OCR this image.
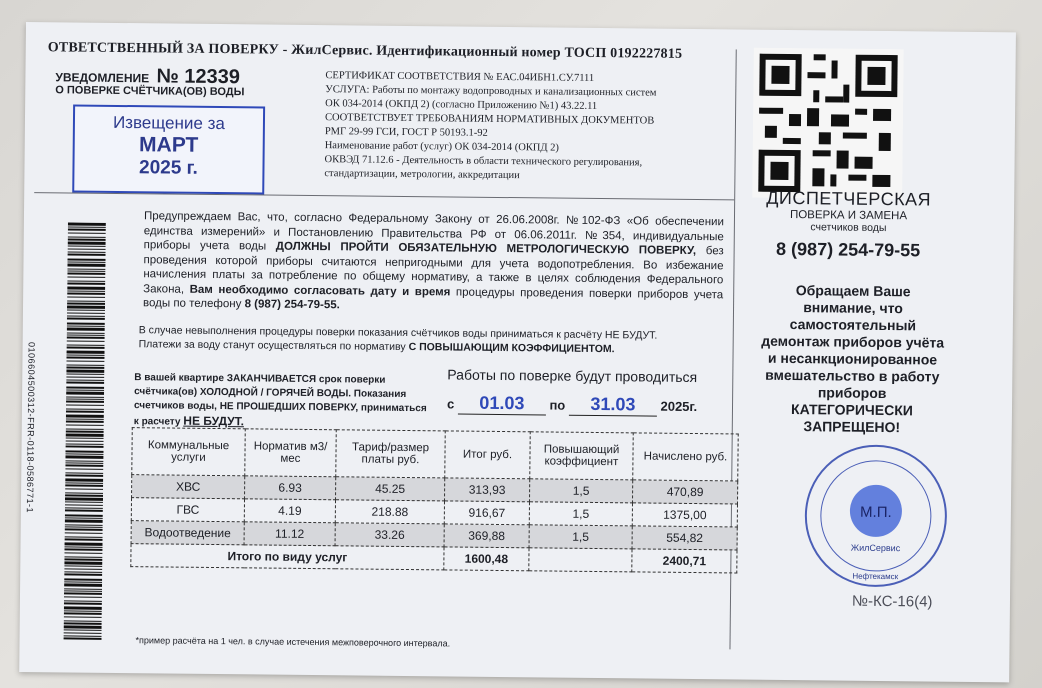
ОТВЕТСТВЕННЫЙ ЗА ПОВЕРКУ - ЖилСервис. Идентификационный номер ТОСП 0192227815
УВЕДОМЛЕНИЕ № 12339
О ПОВЕРКЕ СЧЁТЧИКА(ОВ) ВОДЫ
Извещение за
МАРТ
2025 г.
СЕРТИФИКАТ СООТВЕТСТВИЯ № ЕАС.04ИБН1.СУ.7111
УСЛУГА: Работы по монтажу водопроводных и канализационных систем
ОК 034-2014 (ОКПД 2) (согласно Приложению №1) 43.22.11
СООТВЕТСТВУЕТ ТРЕБОВАНИЯМ НОРМАТИВНЫХ ДОКУМЕНТОВ
РМГ 29-99 ГСИ, ГОСТ Р 50193.1-92
Наименование работ (услуг) ОК 034-2014 (ОКПД 2)
ОКВЭД 71.12.6 - Деятельность в области технического регулирования,
стандартизации, метрологии, аккредитации
ДИСПЕТЧЕРСКАЯ
ПОВЕРКА И ЗАМЕНА
счетчиков воды
8 (987) 254-79-55
Обращаем Ваше внимание, что самостоятельный демонтаж приборов учёта и несанкционированное вмешательство в работу приборов КАТЕГОРИЧЕСКИ ЗАПРЕЩЕНО!
М.П.
ЖилСервис
Нефтекамск
№-КС-16(4)
0106604500312-FRR-0118-0586771-1
Предупреждаем Вас, что, согласно Федеральному Закону от 26.06.2008г. №102-ФЗ «Об обеспечении единства измерений» и Постановлению Правительства РФ от 06.06.2011г. №354, индивидуальные приборы учета воды ДОЛЖНЫ ПРОЙТИ ОБЯЗАТЕЛЬНУЮ МЕТРОЛОГИЧЕСКУЮ ПОВЕРКУ, без проведения которой приборы считаются непригодными для учета водопотребления. Во избежание начисления платы за потребление по общему нормативу, а также в целях соблюдения Федерального Закона, Вам необходимо согласовать дату и время процедуры проведения поверки приборов учета воды по телефону 8 (987) 254-79-55.
В случае невыполнения процедуры поверки показания счётчиков воды приниматься к расчёту НЕ БУДУТ.
Платежи за воду станут осуществляться по нормативу С ПОВЫШАЮЩИМ КОЭФФИЦИЕНТОМ.
В вашей квартире ЗАКАНЧИВАЕТСЯ срок поверки счётчика(ов) ХОЛОДНОЙ / ГОРЯЧЕЙ ВОДЫ. Показания счетчиков воды, НЕ ПРОШЕДШИХ ПОВЕРКУ, приниматься к расчету НЕ БУДУТ.
Работы по поверке будут проводиться
с 01.03 по 31.03 2025г.
Коммунальные услуги	Норматив м3/мес	Тариф/размер платы руб.	Итог руб.	Повышающий коэффициент	Начислено руб.
ХВС	6.93	45.25	313,93	1,5	470,89
ГВС	4.19	218.88	916,67	1,5	1375,00
Водоотведение	11.12	33.26	369,88	1,5	554,82
Итого по виду услуг			1600,48		2400,71
*пример расчёта на 1 чел. в случае истечения межповерочного интервала.
